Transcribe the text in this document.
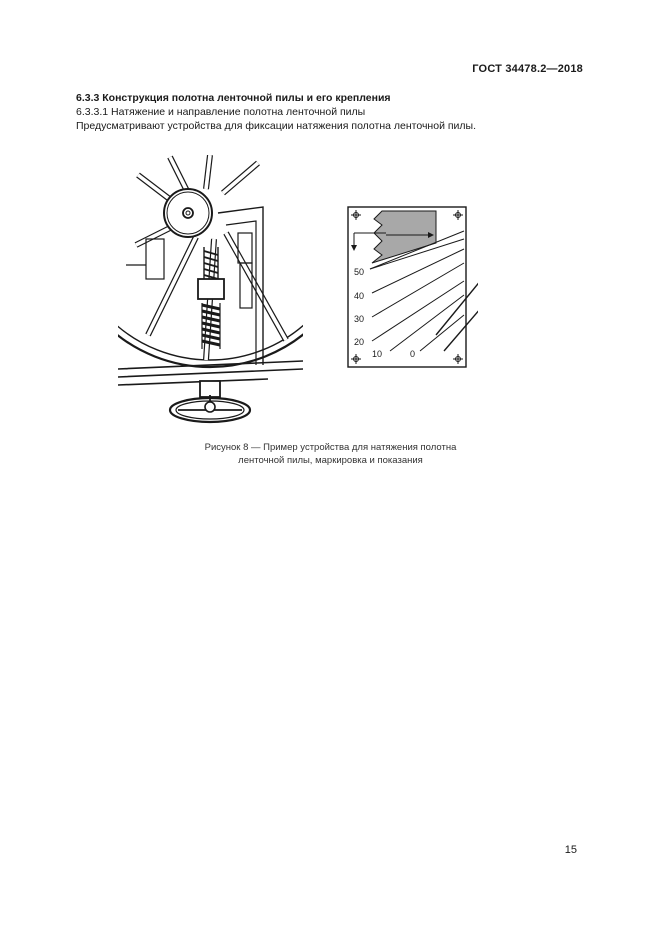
ГОСТ 34478.2—2018
6.3.3 Конструкция полотна ленточной пилы и его крепления
6.3.3.1 Натяжение и направление полотна ленточной пилы
Предусматривают устройства для фиксации натяжения полотна ленточной пилы.
50
40
30
20
10	0
Рисунок 8 — Пример устройства для натяжения полотна
ленточной пилы, маркировка и показания
15
